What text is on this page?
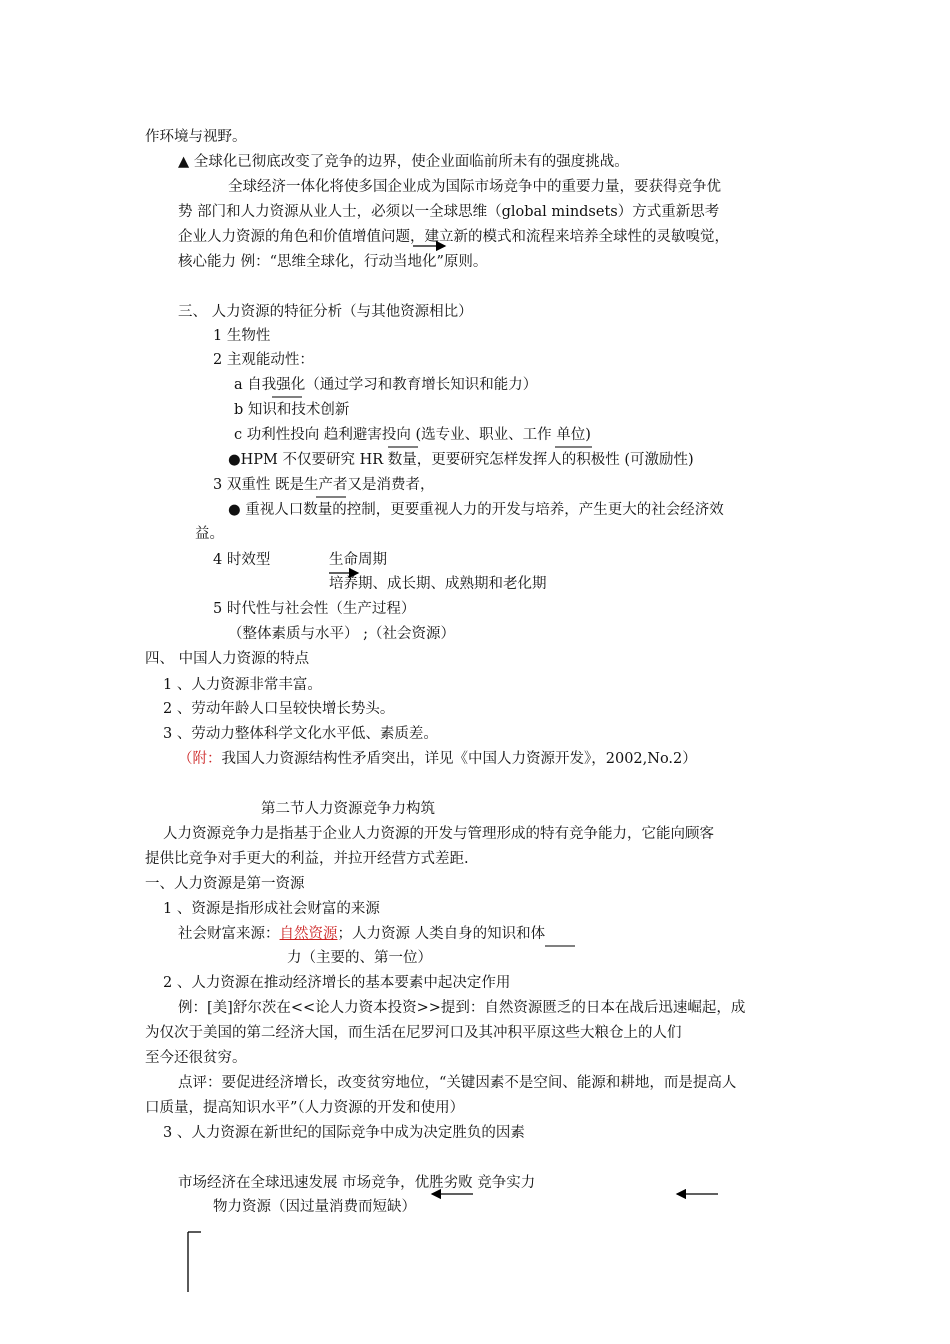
作环境与视野。
▲ 全球化已彻底改变了竞争的边界，使企业面临前所未有的强度挑战。
全球经济一体化将使多国企业成为国际市场竞争中的重要力量，要获得竞争优
势 部门和人力资源从业人士，必须以一全球思维（global mindsets）方式重新思考
企业人力资源的角色和价值增值问题，建立新的模式和流程来培养全球性的灵敏嗅觉，
核心能力 例：“思维全球化，行动当地化”原则。
三、 人力资源的特征分析（与其他资源相比）
1 生物性
2 主观能动性：
a 自我强化（通过学习和教育增长知识和能力）
b 知识和技术创新
c 功利性投向 趋利避害投向 (选专业、职业、工作 单位)
●HPM 不仅要研究 HR 数量，更要研究怎样发挥人的积极性 (可激励性)
3 双重性 既是生产者又是消费者，
● 重视人口数量的控制，更要重视人力的开发与培养，产生更大的社会经济效
益。
4 时效型	生命周期
培养期、成长期、成熟期和老化期
5 时代性与社会性（生产过程）
（整体素质与水平） ;（社会资源）
四、 中国人力资源的特点
1 、人力资源非常丰富。
2 、劳动年龄人口呈较快增长势头。
3 、劳动力整体科学文化水平低、素质差。
（附：我国人力资源结构性矛盾突出，详见《中国人力资源开发》，2002,No.2）
第二节人力资源竞争力构筑
人力资源竞争力是指基于企业人力资源的开发与管理形成的特有竞争能力，它能向顾客
提供比竞争对手更大的利益，并拉开经营方式差距.
一、人力资源是第一资源
1 、资源是指形成社会财富的来源
社会财富来源：自然资源；人力资源 人类自身的知识和体
力（主要的、第一位）
2 、人力资源在推动经济增长的基本要素中起决定作用
例：[美]舒尔茨在<<论人力资本投资>>提到：自然资源匮乏的日本在战后迅速崛起，成
为仅次于美国的第二经济大国，而生活在尼罗河口及其冲积平原这些大粮仓上的人们
至今还很贫穷。
点评：要促进经济增长，改变贫穷地位，“关键因素不是空间、能源和耕地，而是提高人
口质量，提高知识水平”（人力资源的开发和使用）
3 、人力资源在新世纪的国际竞争中成为决定胜负的因素
市场经济在全球迅速发展 市场竞争，优胜劣败 竞争实力
物力资源（因过量消费而短缺）
